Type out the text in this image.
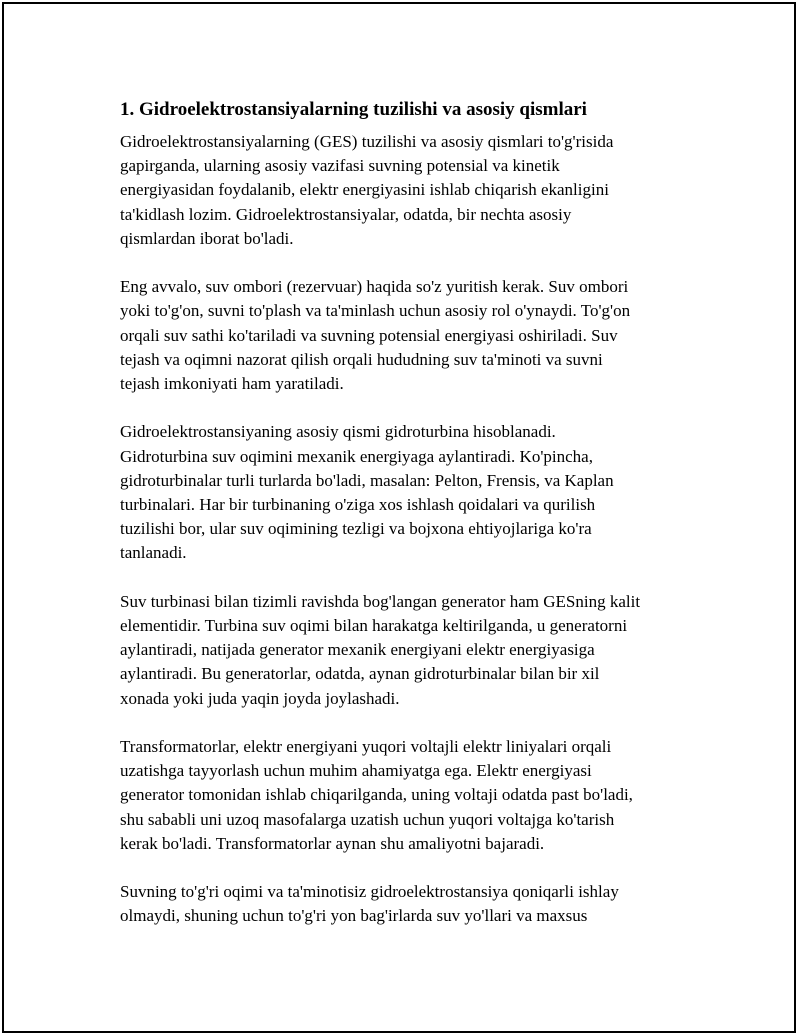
1. Gidroelektrostansiyalarning tuzilishi va asosiy qismlari

Gidroelektrostansiyalarning (GES) tuzilishi va asosiy qismlari to'g'risida
gapirganda, ularning asosiy vazifasi suvning potensial va kinetik
energiyasidan foydalanib, elektr energiyasini ishlab chiqarish ekanligini
ta'kidlash lozim. Gidroelektrostansiyalar, odatda, bir nechta asosiy
qismlardan iborat bo'ladi.

Eng avvalo, suv ombori (rezervuar) haqida so'z yuritish kerak. Suv ombori
yoki to'g'on, suvni to'plash va ta'minlash uchun asosiy rol o'ynaydi. To'g'on
orqali suv sathi ko'tariladi va suvning potensial energiyasi oshiriladi. Suv
tejash va oqimni nazorat qilish orqali hududning suv ta'minoti va suvni
tejash imkoniyati ham yaratiladi.

Gidroelektrostansiyaning asosiy qismi gidroturbina hisoblanadi.
Gidroturbina suv oqimini mexanik energiyaga aylantiradi. Ko'pincha,
gidroturbinalar turli turlarda bo'ladi, masalan: Pelton, Frensis, va Kaplan
turbinalari. Har bir turbinaning o'ziga xos ishlash qoidalari va qurilish
tuzilishi bor, ular suv oqimining tezligi va bojxona ehtiyojlariga ko'ra
tanlanadi.

Suv turbinasi bilan tizimli ravishda bog'langan generator ham GESning kalit
elementidir. Turbina suv oqimi bilan harakatga keltirilganda, u generatorni
aylantiradi, natijada generator mexanik energiyani elektr energiyasiga
aylantiradi. Bu generatorlar, odatda, aynan gidroturbinalar bilan bir xil
xonada yoki juda yaqin joyda joylashadi.

Transformatorlar, elektr energiyani yuqori voltajli elektr liniyalari orqali
uzatishga tayyorlash uchun muhim ahamiyatga ega. Elektr energiyasi
generator tomonidan ishlab chiqarilganda, uning voltaji odatda past bo'ladi,
shu sababli uni uzoq masofalarga uzatish uchun yuqori voltajga ko'tarish
kerak bo'ladi. Transformatorlar aynan shu amaliyotni bajaradi.

Suvning to'g'ri oqimi va ta'minotisiz gidroelektrostansiya qoniqarli ishlay
olmaydi, shuning uchun to'g'ri yon bag'irlarda suv yo'llari va maxsus
